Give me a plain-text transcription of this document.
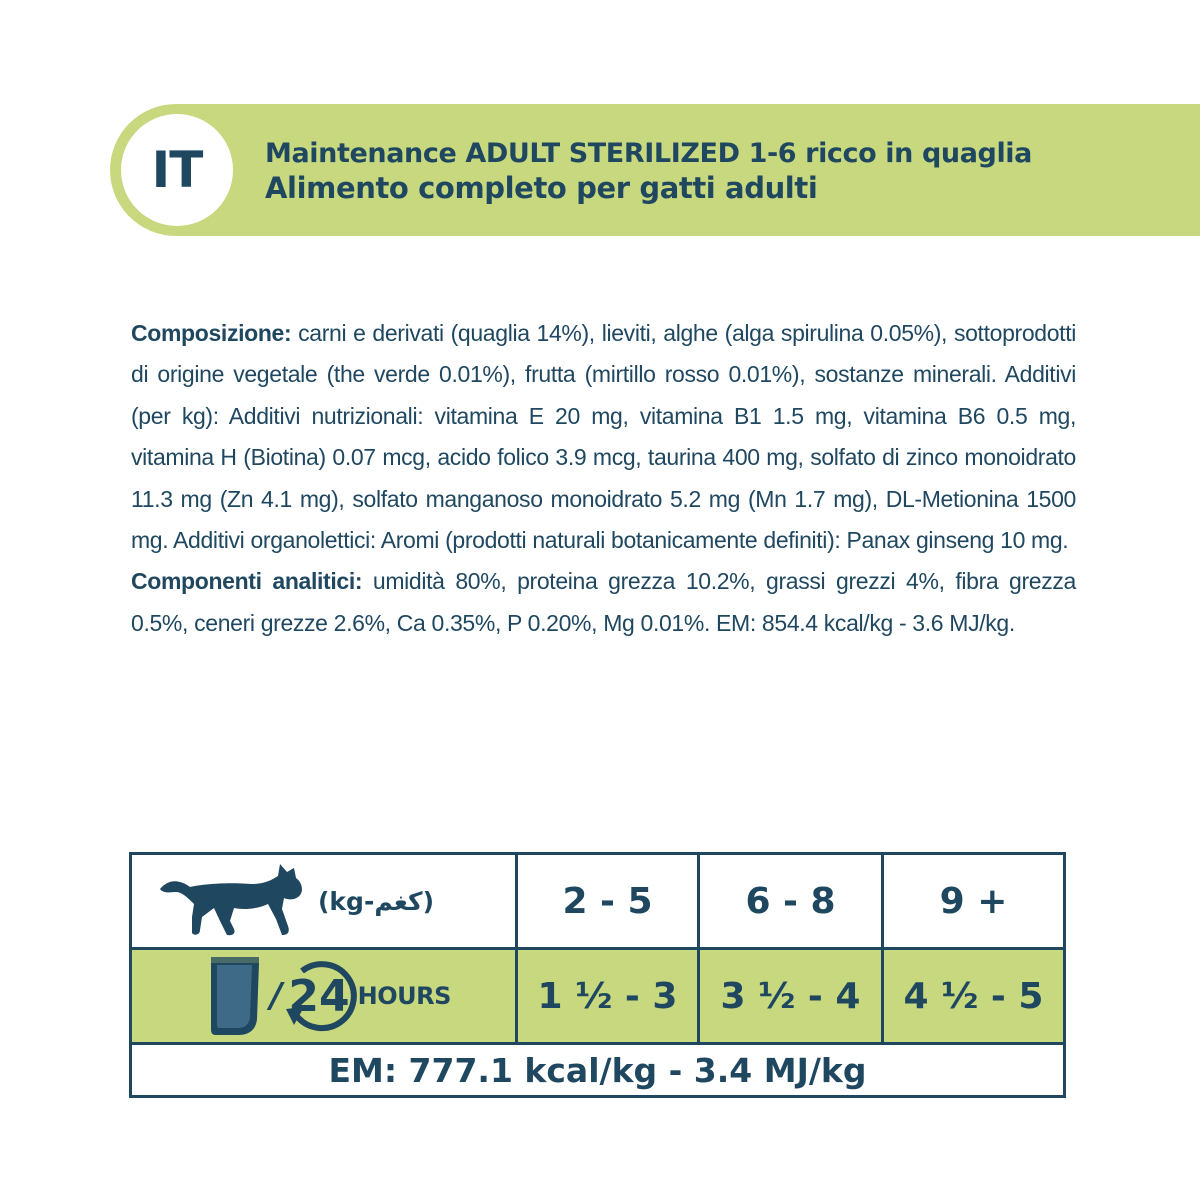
IT	Maintenance ADULT STERILIZED 1-6 ricco in quaglia
Alimento completo per gatti adulti

Composizione: carni e derivati (quaglia 14%), lieviti, alghe (alga spirulina 0.05%), sottoprodotti di origine vegetale (the verde 0.01%), frutta (mirtillo rosso 0.01%), sostanze minerali. Additivi (per kg): Additivi nutrizionali: vitamina E 20 mg, vitamina B1 1.5 mg, vitamina B6 0.5 mg, vitamina H (Biotina) 0.07 mcg, acido folico 3.9 mcg, taurina 400 mg, solfato di zinco monoidrato 11.3 mg (Zn 4.1 mg), solfato manganoso monoidrato 5.2 mg (Mn 1.7 mg), DL-Metionina 1500 mg. Additivi organolettici: Aromi (prodotti naturali botanicamente definiti): Panax ginseng 10 mg.

Componenti analitici: umidità 80%, proteina grezza 10.2%, grassi grezzi 4%, fibra grezza 0.5%, ceneri grezze 2.6%, Ca 0.35%, P 0.20%, Mg 0.01%. EM: 854.4 kcal/kg - 3.6 MJ/kg.

(kg-كغم)	2 - 5	6 - 8	9 +
/ 24 HOURS	1 ½ - 3	3 ½ - 4	4 ½ - 5
EM: 777.1 kcal/kg - 3.4 MJ/kg
